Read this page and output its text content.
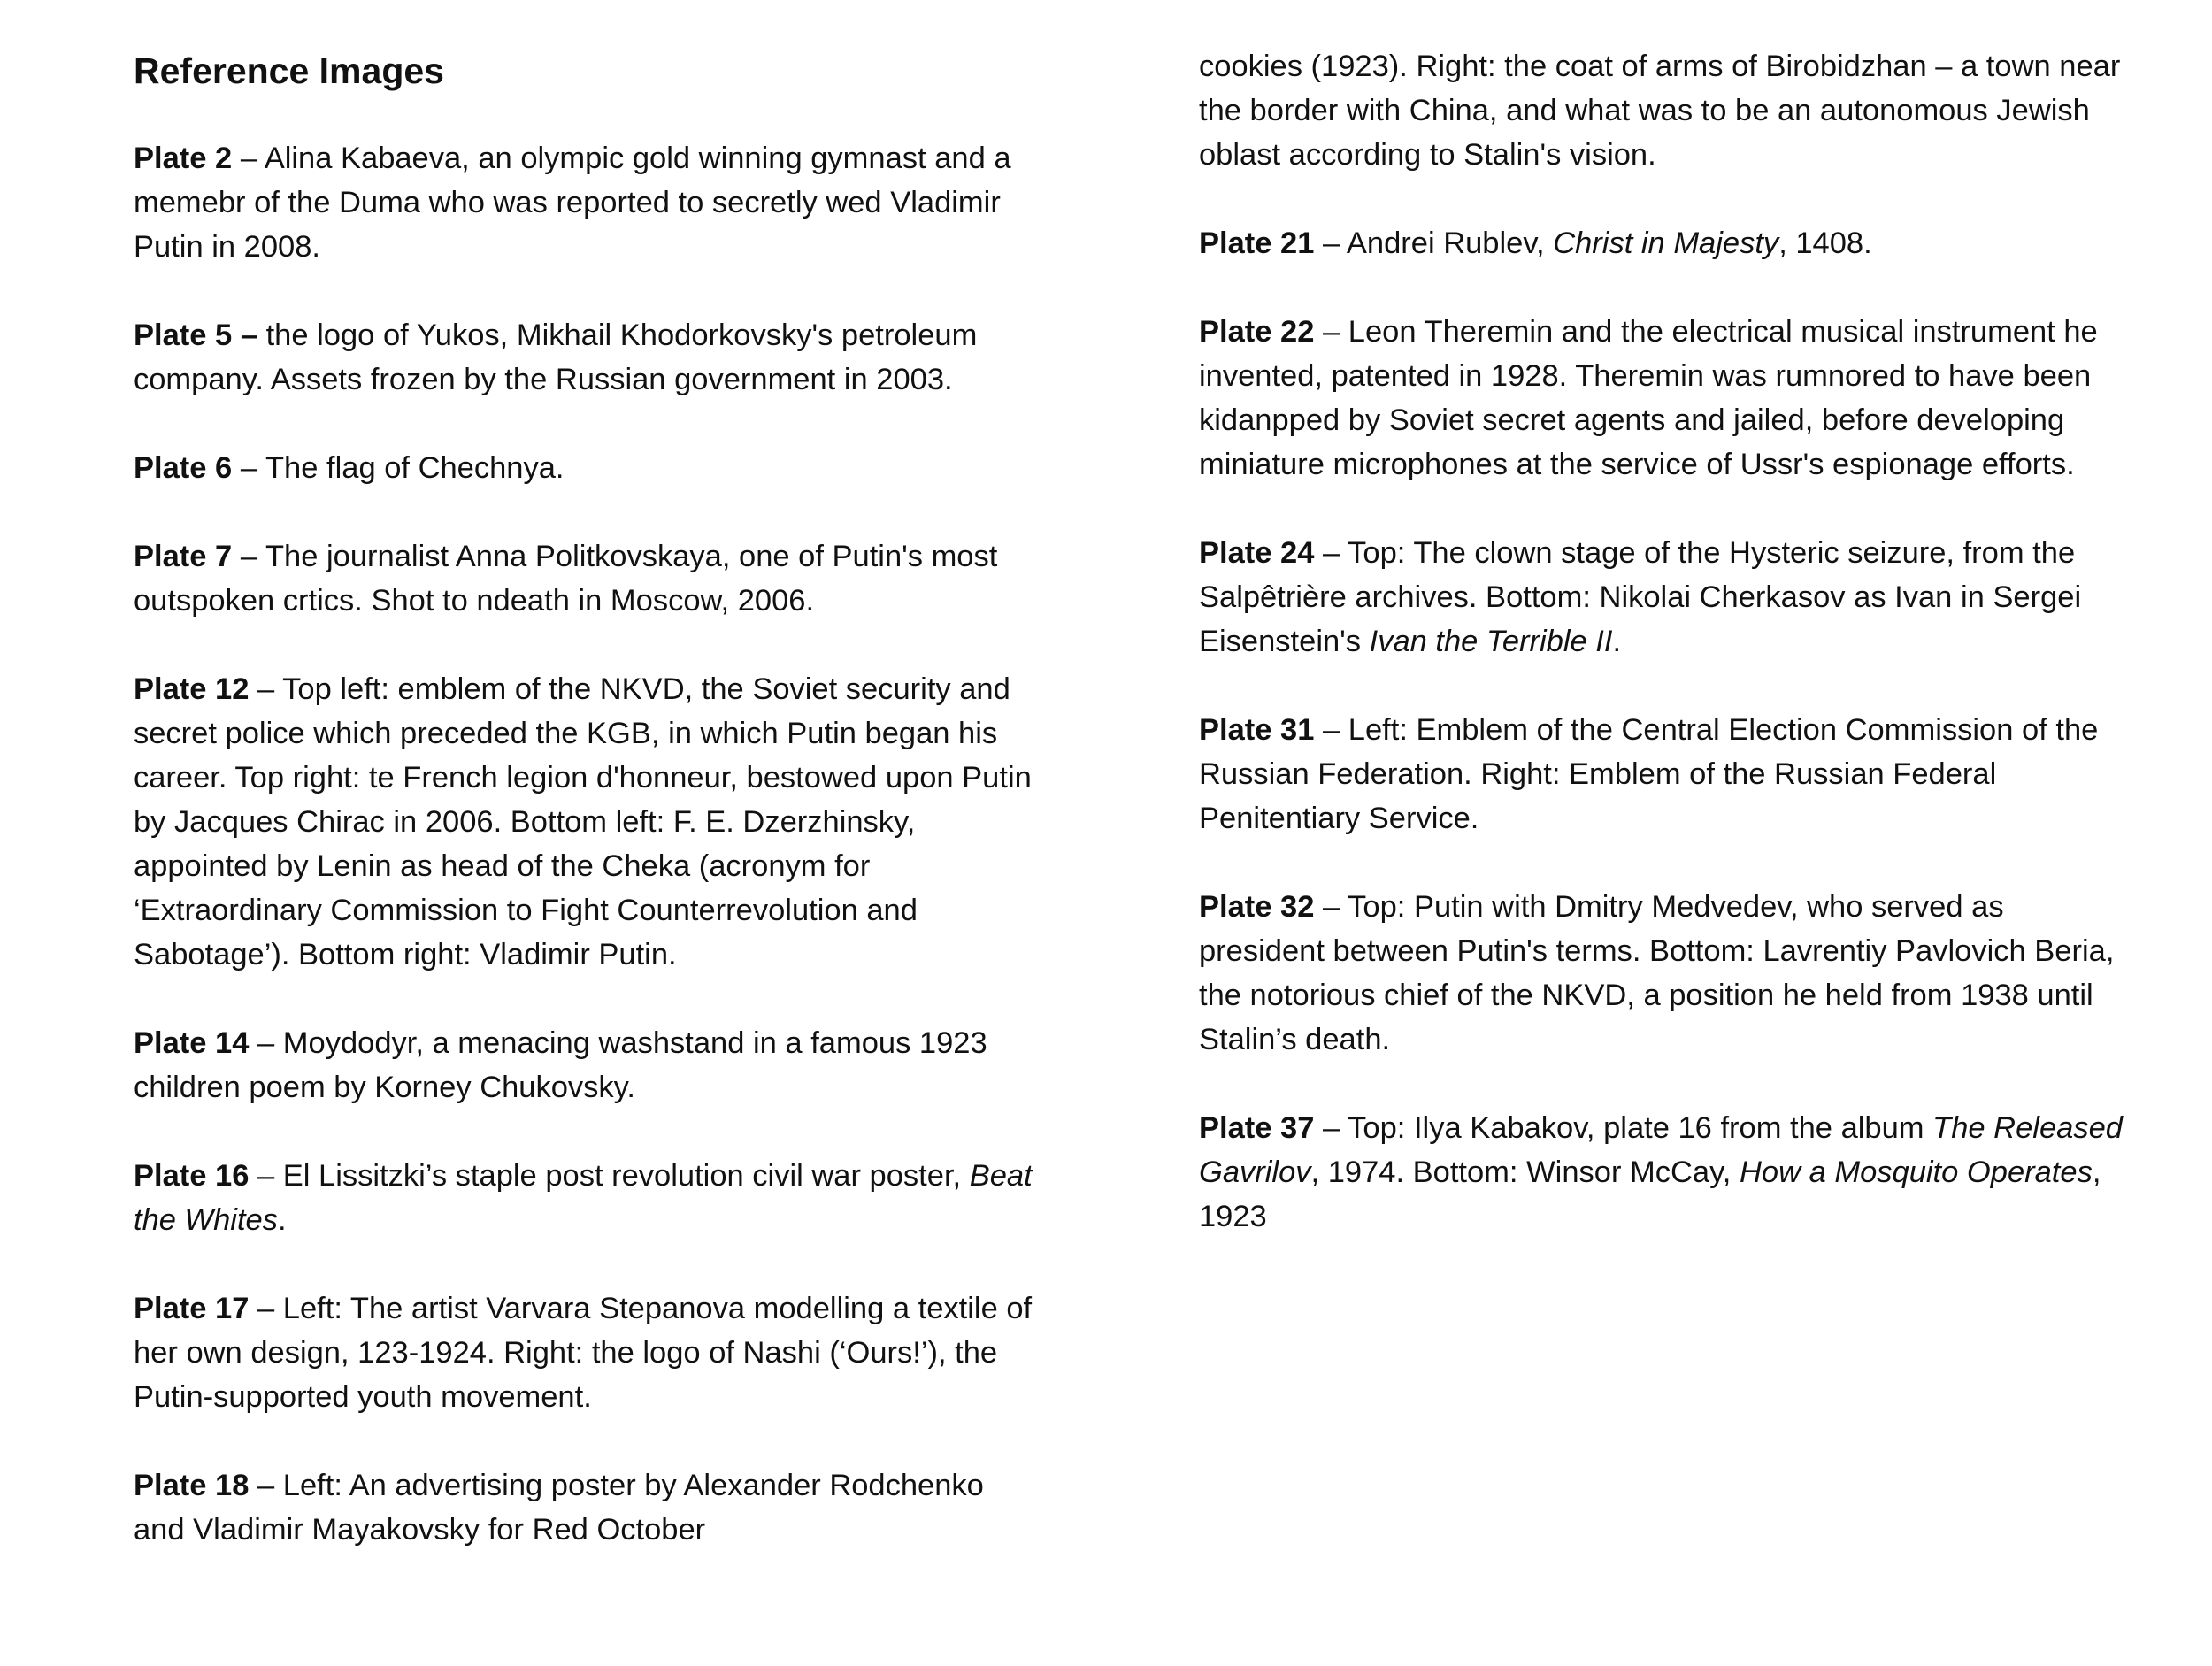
Reference Images

Plate 2 – Alina Kabaeva, an olympic gold winning gymnast and a memebr of the Duma who was reported to secretly wed Vladimir Putin in 2008.

Plate 5 – the logo of Yukos, Mikhail Khodorkovsky's petroleum company. Assets frozen by the Russian government in 2003.

Plate 6 – The flag of Chechnya.

Plate 7 – The journalist Anna Politkovskaya, one of Putin's most outspoken crtics. Shot to ndeath in Moscow, 2006.

Plate 12 – Top left: emblem of the NKVD, the Soviet security and secret police which preceded the KGB, in which Putin began his career. Top right: te French legion d'honneur, bestowed upon Putin by Jacques Chirac in 2006. Bottom left: F. E. Dzerzhinsky, appointed by Lenin as head of the Cheka (acronym for ‘Extraordinary Commission to Fight Counterrevolution and Sabotage’). Bottom right: Vladimir Putin.

Plate 14 – Moydodyr, a menacing washstand in a famous 1923 children poem by Korney Chukovsky.

Plate 16 – El Lissitzki’s staple post revolution civil war poster, Beat the Whites.

Plate 17 – Left: The artist Varvara Stepanova modelling a textile of her own design, 123-1924. Right: the logo of Nashi (‘Ours!’), the Putin-supported youth movement.

Plate 18 – Left: An advertising poster by Alexander Rodchenko and Vladimir Mayakovsky for Red October

cookies (1923). Right: the coat of arms of Birobidzhan – a town near the border with China, and what was to be an autonomous Jewish oblast according to Stalin's vision.

Plate 21 – Andrei Rublev, Christ in Majesty, 1408.

Plate 22 – Leon Theremin and the electrical musical instrument he invented, patented in 1928. Theremin was rumnored to have been kidanpped by Soviet secret agents and jailed, before developing miniature microphones at the service of Ussr's espionage efforts.

Plate 24 – Top: The clown stage of the Hysteric seizure, from the Salpêtrière archives. Bottom: Nikolai Cherkasov as Ivan in Sergei Eisenstein's Ivan the Terrible II.

Plate 31 – Left: Emblem of the Central Election Commission of the Russian Federation. Right: Emblem of the Russian Federal Penitentiary Service.

Plate 32 – Top: Putin with Dmitry Medvedev, who served as president between Putin's terms. Bottom: Lavrentiy Pavlovich Beria, the notorious chief of the NKVD, a position he held from 1938 until Stalin’s death.

Plate 37 – Top: Ilya Kabakov, plate 16 from the album The Released Gavrilov, 1974. Bottom: Winsor McCay, How a Mosquito Operates, 1923
